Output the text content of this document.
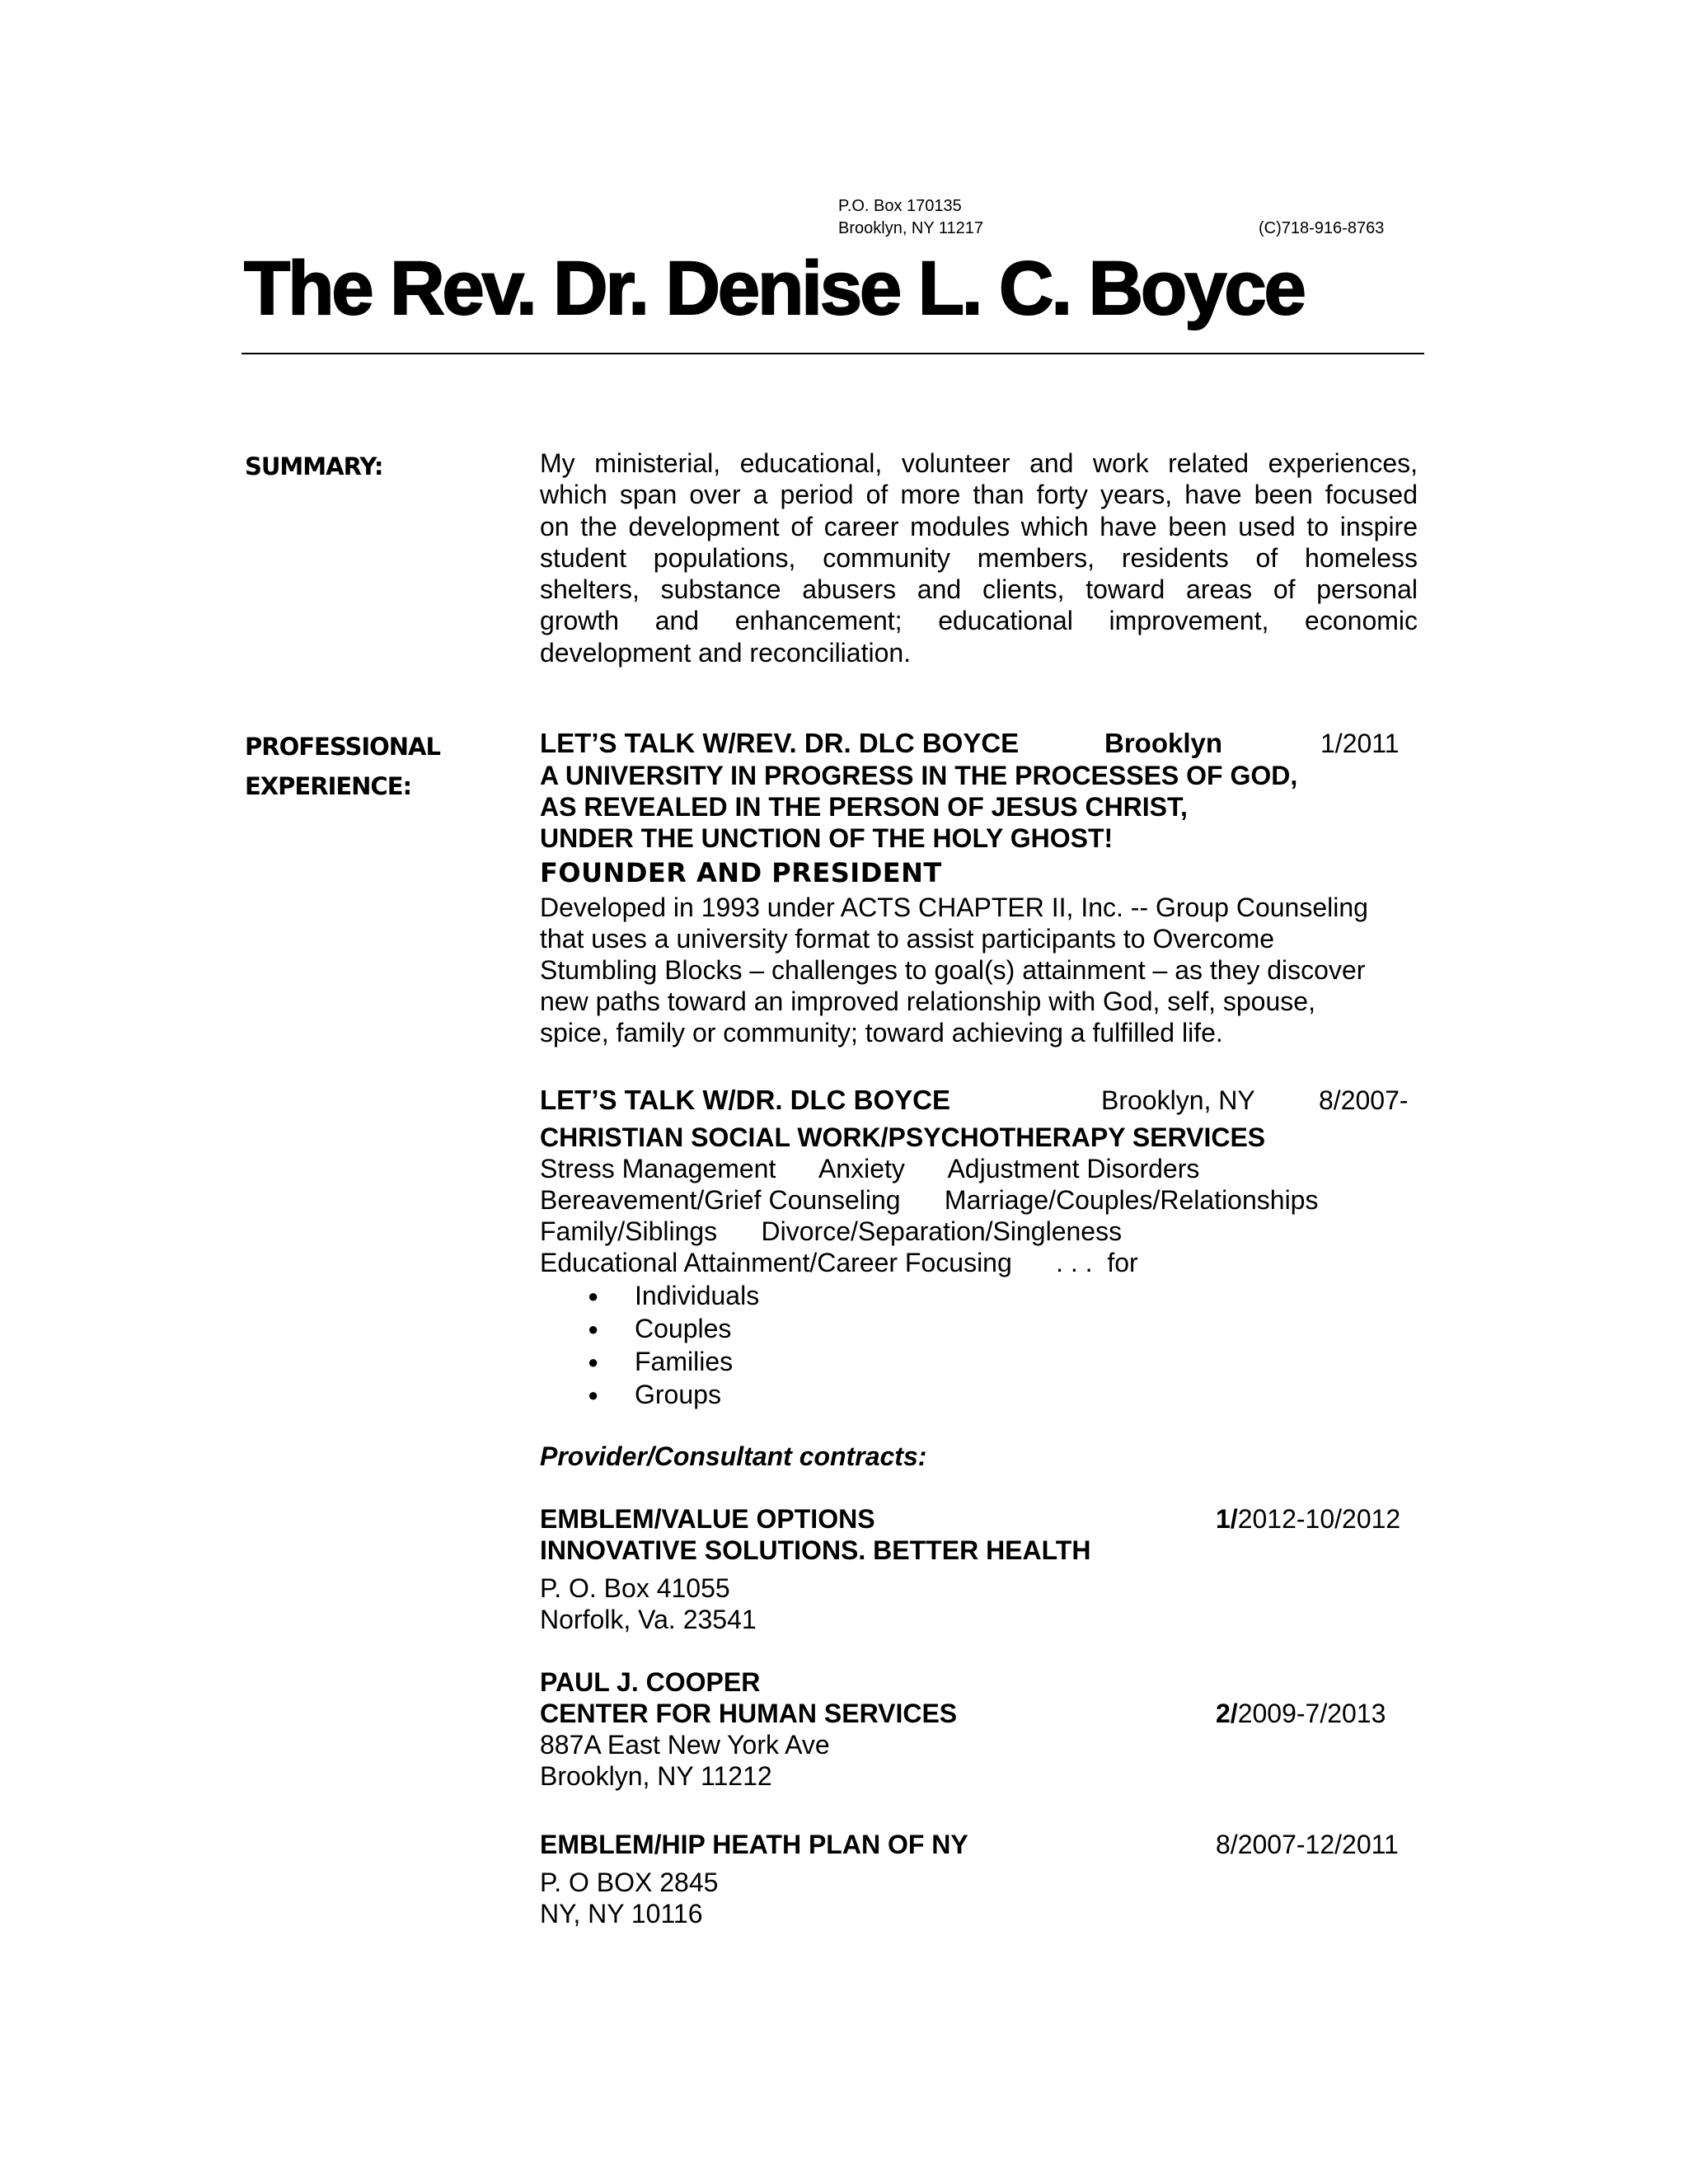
P.O. Box 170135
Brooklyn, NY 11217	(C)718-916-8763
The Rev. Dr. Denise L. C. Boyce
SUMMARY:	My ministerial, educational, volunteer and work related experiences,
which span over a period of more than forty years, have been focused
on the development of career modules which have been used to inspire
student populations, community members, residents of homeless
shelters, substance abusers and clients, toward areas of personal
growth and enhancement; educational improvement, economic
development and reconciliation.
PROFESSIONAL
EXPERIENCE:
LET’S TALK W/REV. DR. DLC BOYCE	Brooklyn	1/2011
A UNIVERSITY IN PROGRESS IN THE PROCESSES OF GOD,
AS REVEALED IN THE PERSON OF JESUS CHRIST,
UNDER THE UNCTION OF THE HOLY GHOST!
FOUNDER AND PRESIDENT
Developed in 1993 under ACTS CHAPTER II, Inc. -- Group Counseling
that uses a university format to assist participants to Overcome
Stumbling Blocks – challenges to goal(s) attainment – as they discover
new paths toward an improved relationship with God, self, spouse,
spice, family or community; toward achieving a fulfilled life.
LET’S TALK W/DR. DLC BOYCE	Brooklyn, NY 8/2007-
CHRISTIAN SOCIAL WORK/PSYCHOTHERAPY SERVICES
Stress Management      Anxiety      Adjustment Disorders
Bereavement/Grief Counseling      Marriage/Couples/Relationships
Family/Siblings      Divorce/Separation/Singleness
Educational Attainment/Career Focusing      . . .  for
● Individuals
● Couples
● Families
● Groups
Provider/Consultant contracts:
EMBLEM/VALUE OPTIONS	1/2012-10/2012
INNOVATIVE SOLUTIONS. BETTER HEALTH
P. O. Box 41055
Norfolk, Va. 23541
PAUL J. COOPER
CENTER FOR HUMAN SERVICES	2/2009-7/2013
887A East New York Ave
Brooklyn, NY 11212
EMBLEM/HIP HEATH PLAN OF NY	8/2007-12/2011
P. O BOX 2845
NY, NY 10116
